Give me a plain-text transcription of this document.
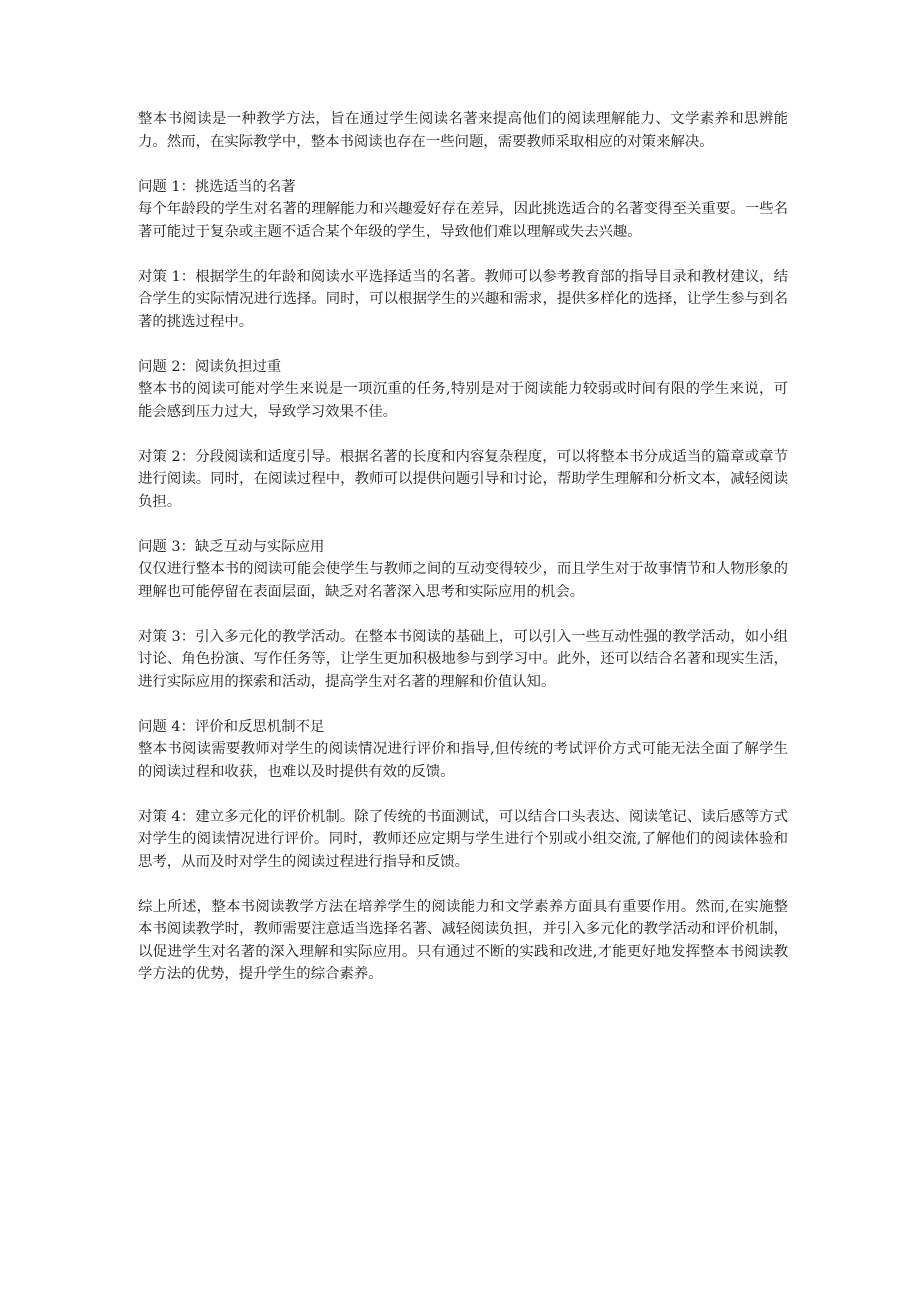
整本书阅读是一种教学方法，旨在通过学生阅读名著来提高他们的阅读理解能力、文学素养和思辨能力。然而，在实际教学中，整本书阅读也存在一些问题，需要教师采取相应的对策来解决。

问题 1：挑选适当的名著

每个年龄段的学生对名著的理解能力和兴趣爱好存在差异，因此挑选适合的名著变得至关重要。一些名著可能过于复杂或主题不适合某个年级的学生，导致他们难以理解或失去兴趣。

对策 1：根据学生的年龄和阅读水平选择适当的名著。教师可以参考教育部的指导目录和教材建议，结合学生的实际情况进行选择。同时，可以根据学生的兴趣和需求，提供多样化的选择，让学生参与到名著的挑选过程中。

问题 2：阅读负担过重

整本书的阅读可能对学生来说是一项沉重的任务,特别是对于阅读能力较弱或时间有限的学生来说，可能会感到压力过大，导致学习效果不佳。

对策 2：分段阅读和适度引导。根据名著的长度和内容复杂程度，可以将整本书分成适当的篇章或章节进行阅读。同时，在阅读过程中，教师可以提供问题引导和讨论，帮助学生理解和分析文本，减轻阅读负担。

问题 3：缺乏互动与实际应用

仅仅进行整本书的阅读可能会使学生与教师之间的互动变得较少，而且学生对于故事情节和人物形象的理解也可能停留在表面层面，缺乏对名著深入思考和实际应用的机会。

对策 3：引入多元化的教学活动。在整本书阅读的基础上，可以引入一些互动性强的教学活动，如小组讨论、角色扮演、写作任务等，让学生更加积极地参与到学习中。此外，还可以结合名著和现实生活，进行实际应用的探索和活动，提高学生对名著的理解和价值认知。

问题 4：评价和反思机制不足

整本书阅读需要教师对学生的阅读情况进行评价和指导,但传统的考试评价方式可能无法全面了解学生的阅读过程和收获，也难以及时提供有效的反馈。

对策 4：建立多元化的评价机制。除了传统的书面测试，可以结合口头表达、阅读笔记、读后感等方式对学生的阅读情况进行评价。同时，教师还应定期与学生进行个别或小组交流,了解他们的阅读体验和思考，从而及时对学生的阅读过程进行指导和反馈。

综上所述，整本书阅读教学方法在培养学生的阅读能力和文学素养方面具有重要作用。然而,在实施整本书阅读教学时，教师需要注意适当选择名著、减轻阅读负担，并引入多元化的教学活动和评价机制，以促进学生对名著的深入理解和实际应用。只有通过不断的实践和改进,才能更好地发挥整本书阅读教学方法的优势，提升学生的综合素养。
